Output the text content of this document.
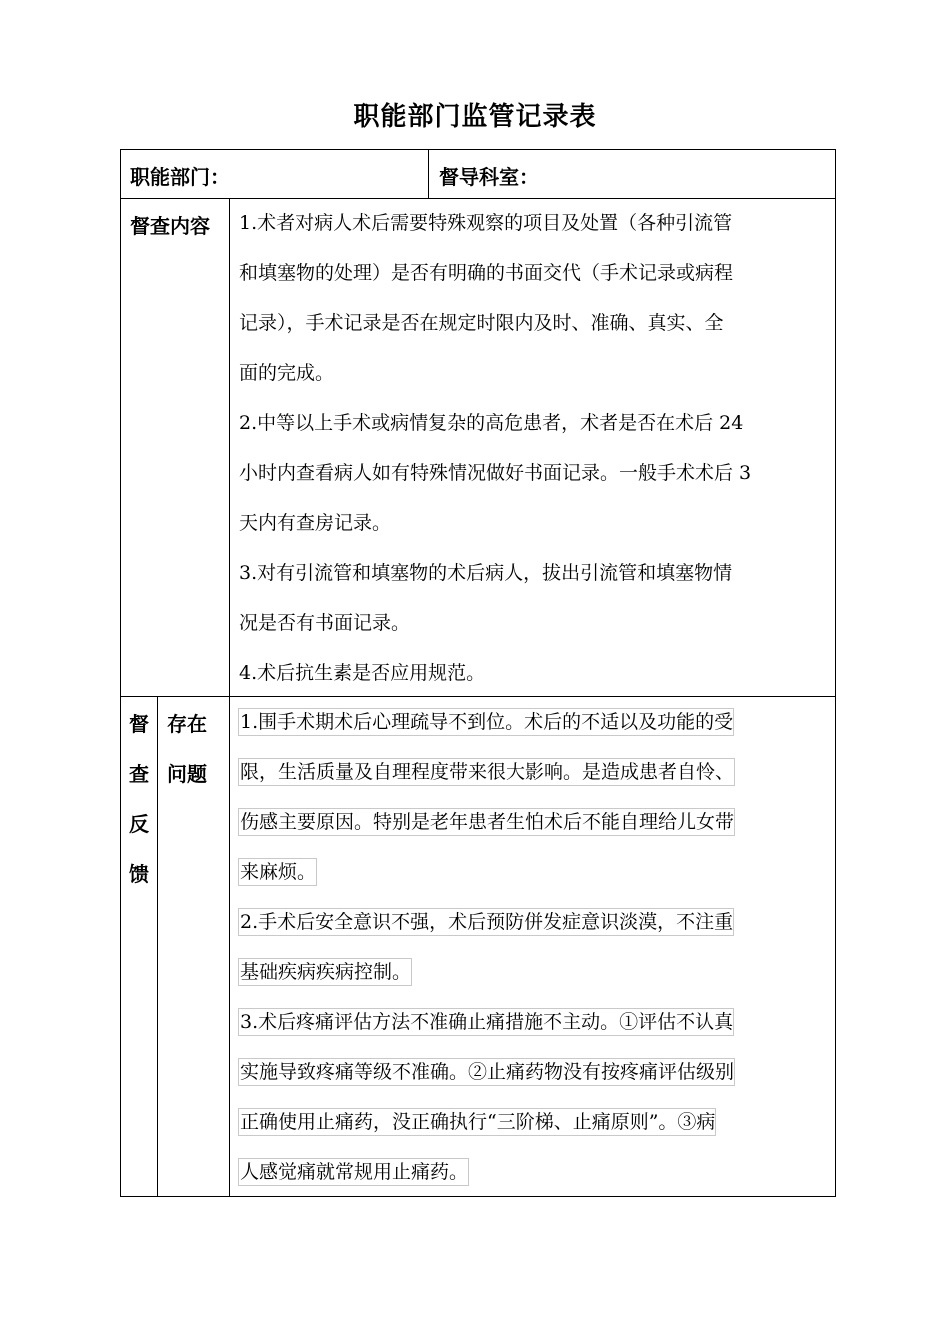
职能部门监管记录表
职能部门：	督导科室：
督查内容 1.术者对病人术后需要特殊观察的项目及处置（各种引流管
和填塞物的处理）是否有明确的书面交代（手术记录或病程
记录），手术记录是否在规定时限内及时、准确、真实、全
面的完成。
2.中等以上手术或病情复杂的高危患者，术者是否在术后 24
小时内查看病人如有特殊情况做好书面记录。一般手术术后 3
天内有查房记录。
3.对有引流管和填塞物的术后病人，拔出引流管和填塞物情
况是否有书面记录。
4.术后抗生素是否应用规范。
督
查
反
馈
存在
问题
1.围手术期术后心理疏导不到位。术后的不适以及功能的受
限，生活质量及自理程度带来很大影响。是造成患者自怜、
伤感主要原因。特别是老年患者生怕术后不能自理给儿女带
来麻烦。
2.手术后安全意识不强，术后预防併发症意识淡漠，不注重
基础疾病疾病控制。
3.术后疼痛评估方法不准确止痛措施不主动。①评估不认真
实施导致疼痛等级不准确。②止痛药物没有按疼痛评估级别
正确使用止痛药，没正确执行“三阶梯、止痛原则”。③病
人感觉痛就常规用止痛药。
